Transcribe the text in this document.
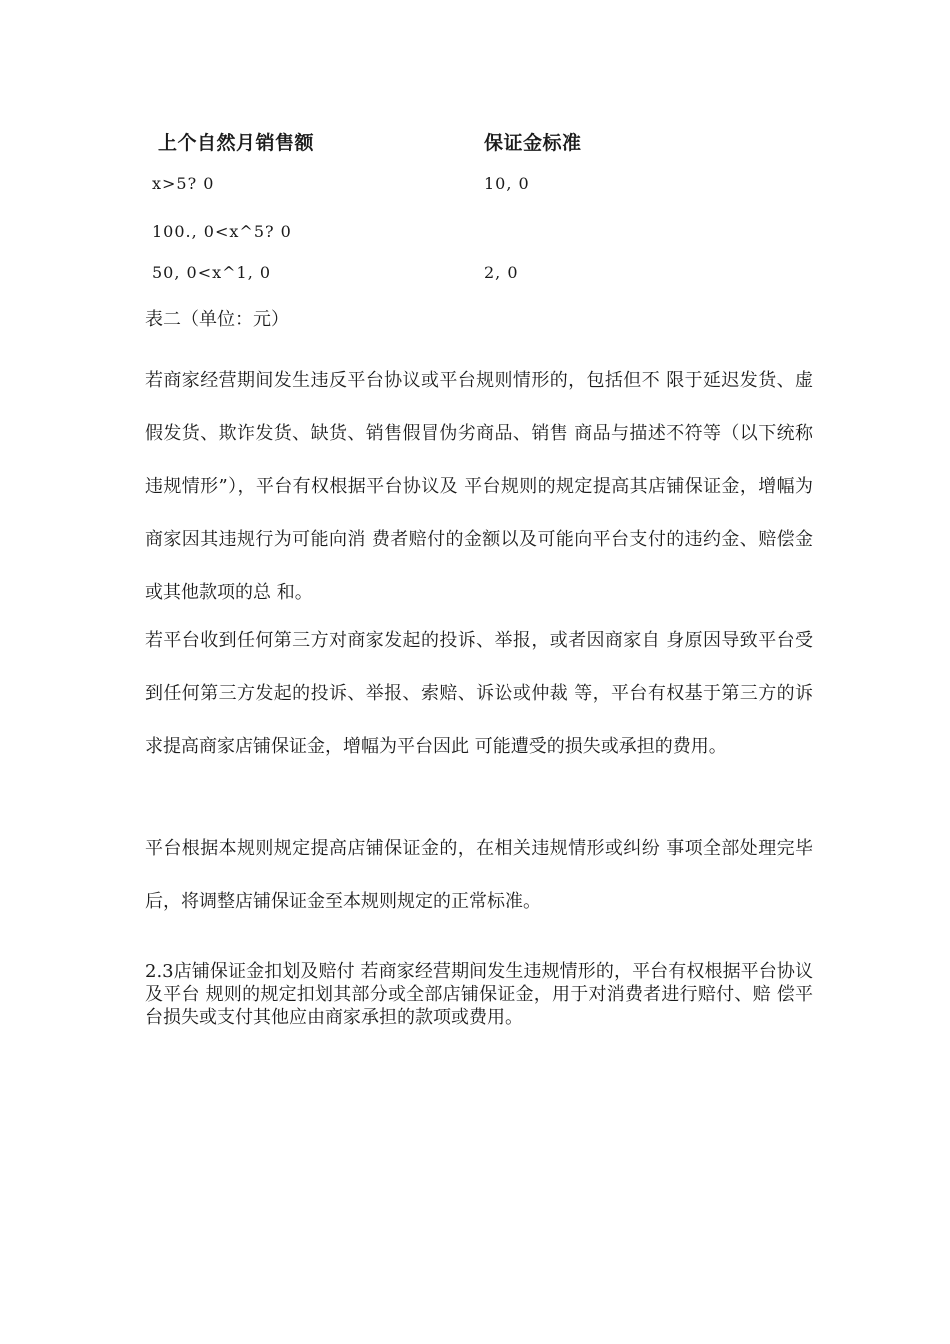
上个自然月销售额	保证金标准
x>5? 0	10, 0
100., 0<x^5? 0
50, 0<x^1, 0	2, 0
表二（单位：元）

若商家经营期间发生违反平台协议或平台规则情形的，包括但不 限于延迟发货、虚假发货、欺诈发货、缺货、销售假冒伪劣商品、销售 商品与描述不符等（以下统称违规情形”），平台有权根据平台协议及 平台规则的规定提高其店铺保证金，增幅为商家因其违规行为可能向消 费者赔付的金额以及可能向平台支付的违约金、赔偿金或其他款项的总 和。

若平台收到任何第三方对商家发起的投诉、举报，或者因商家自 身原因导致平台受到任何第三方发起的投诉、举报、索赔、诉讼或仲裁 等，平台有权基于第三方的诉求提高商家店铺保证金，增幅为平台因此 可能遭受的损失或承担的费用。

平台根据本规则规定提高店铺保证金的，在相关违规情形或纠纷 事项全部处理完毕后，将调整店铺保证金至本规则规定的正常标准。

2.3店铺保证金扣划及赔付 若商家经营期间发生违规情形的，平台有权根据平台协议及平台 规则的规定扣划其部分或全部店铺保证金，用于对消费者进行赔付、赔 偿平台损失或支付其他应由商家承担的款项或费用。
